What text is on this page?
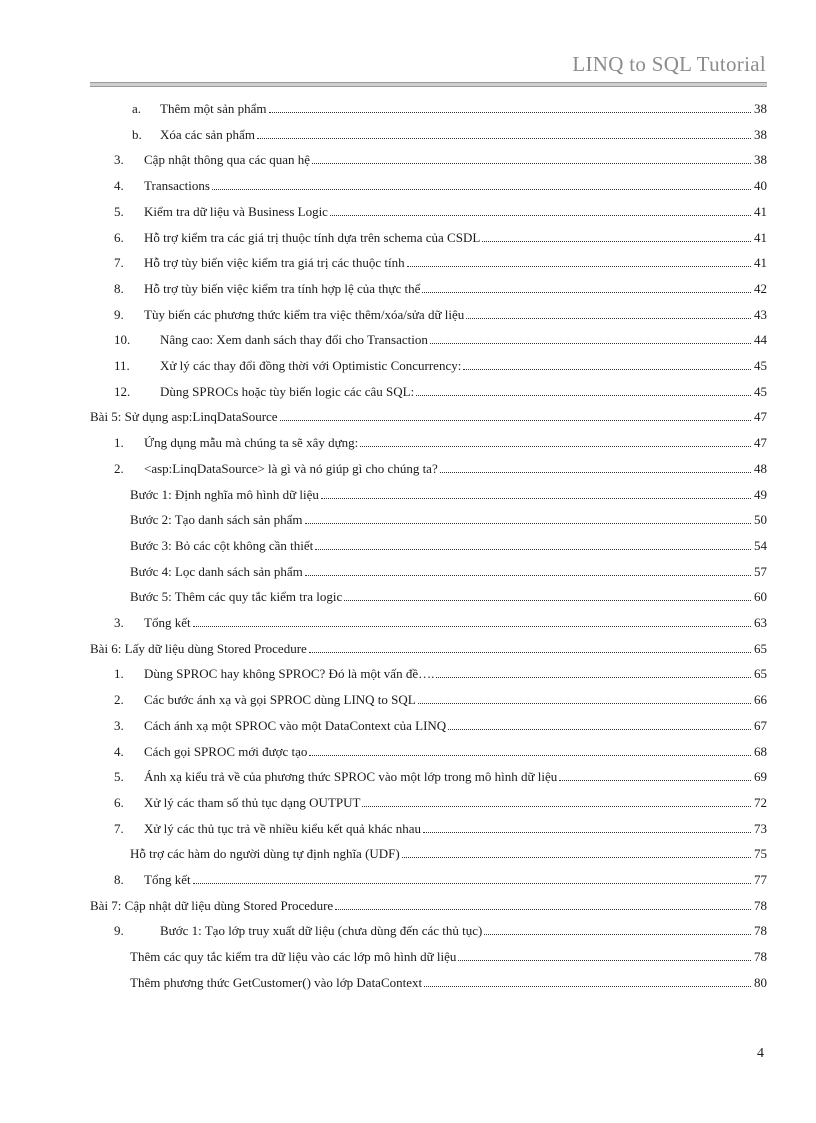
LINQ to SQL Tutorial
a.	Thêm một sản phẩm	38
b.	Xóa các sản phẩm	38
3.	Cập nhật thông qua các quan hệ	38
4.	Transactions	40
5.	Kiểm tra dữ liệu và Business Logic	41
6.	Hỗ trợ kiểm tra các giá trị thuộc tính dựa trên schema của CSDL	41
7.	Hỗ trợ tùy biến việc kiểm tra giá trị các thuộc tính	41
8.	Hỗ trợ tùy biến việc kiểm tra tính hợp lệ của thực thể	42
9.	Tùy biến các phương thức kiểm tra việc thêm/xóa/sửa dữ liệu	43
10.	Nâng cao: Xem danh sách thay đổi cho Transaction	44
11.	Xử lý các thay đổi đồng thời với Optimistic Concurrency:	45
12.	Dùng SPROCs hoặc tùy biến logic các câu SQL:	45
Bài 5: Sử dụng asp:LinqDataSource	47
1.	Ứng dụng mẫu mà chúng ta sẽ xây dựng:	47
2.	<asp:LinqDataSource> là gì và nó giúp gì cho chúng ta?	48
Bước 1: Định nghĩa mô hình dữ liệu	49
Bước 2: Tạo danh sách sản phẩm	50
Bước 3: Bỏ các cột không cần thiết	54
Bước 4: Lọc danh sách sản phẩm	57
Bước 5: Thêm các quy tắc kiểm tra logic	60
3.	Tổng kết	63
Bài 6: Lấy dữ liệu dùng Stored Procedure	65
1.	Dùng SPROC hay không SPROC? Đó là một vấn đề….	65
2.	Các bước ánh xạ và gọi SPROC dùng LINQ to SQL	66
3.	Cách ánh xạ một SPROC vào một DataContext của LINQ	67
4.	Cách gọi SPROC mới được tạo	68
5.	Ánh xạ kiểu trả về của phương thức SPROC vào một lớp trong mô hình dữ liệu	69
6.	Xử lý các tham số thủ tục dạng OUTPUT	72
7.	Xử lý các thủ tục trả về nhiều kiểu kết quả khác nhau	73
Hỗ trợ các hàm do người dùng tự định nghĩa (UDF)	75
8.	Tổng kết	77
Bài 7: Cập nhật dữ liệu dùng Stored Procedure	78
9.	Bước 1: Tạo lớp truy xuất dữ liệu (chưa dùng đến các thủ tục)	78
Thêm các quy tắc kiểm tra dữ liệu vào các lớp mô hình dữ liệu	78
Thêm phương thức GetCustomer() vào lớp DataContext	80
4
